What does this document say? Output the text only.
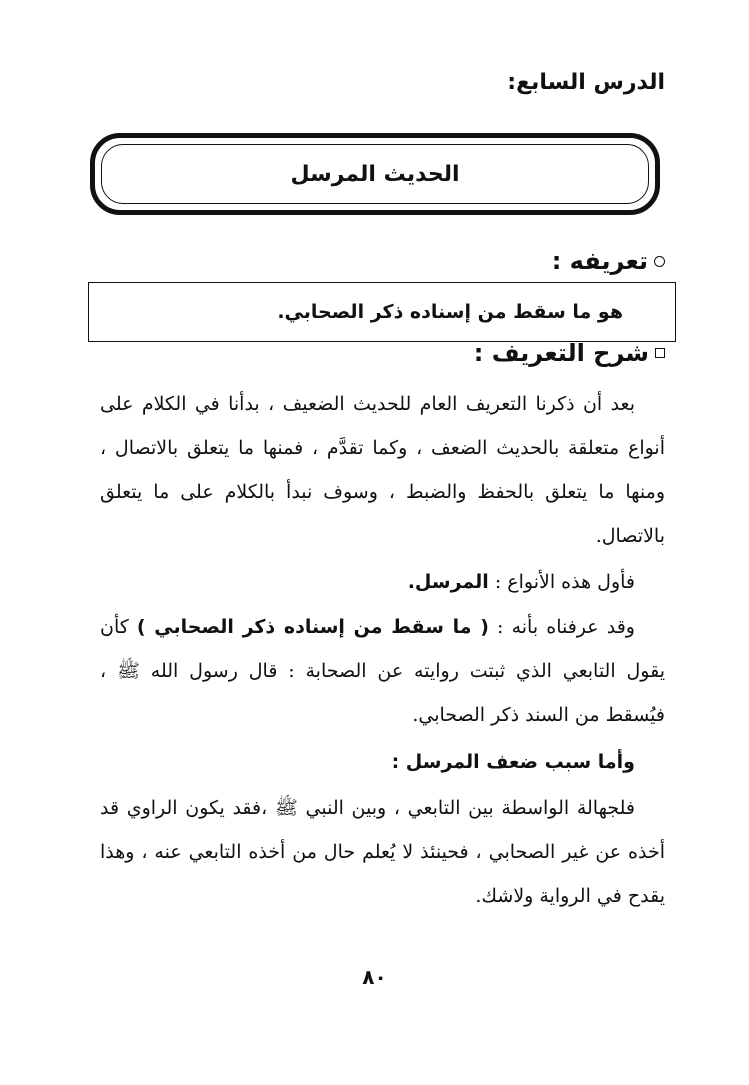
الدرس السابع:
الحديث المرسل
تعريفه :
هو ما سقط من إسناده ذكر الصحابي.
شرح التعريف :
بعد أن ذكرنا التعريف العام للحديث الضعيف ، بدأنا في الكلام على أنواع متعلقة بالحديث الضعف ، وكما تقدَّم ، فمنها ما يتعلق بالاتصال ، ومنها ما يتعلق بالحفظ والضبط ، وسوف نبدأ بالكلام على ما يتعلق بالاتصال.
فأول هذه الأنواع : المرسل.
وقد عرفناه بأنه : ( ما سقط من إسناده ذكر الصحابي ) كأن يقول التابعي الذي ثبتت روايته عن الصحابة : قال رسول الله ﷺ ، فيُسقط من السند ذكر الصحابي.
وأما سبب ضعف المرسل :
فلجهالة الواسطة بين التابعي ، وبين النبي ﷺ ،فقد يكون الراوي قد أخذه عن غير الصحابي ، فحينئذ لا يُعلم حال من أخذه التابعي عنه ، وهذا يقدح في الرواية ولاشك.
٨٠
